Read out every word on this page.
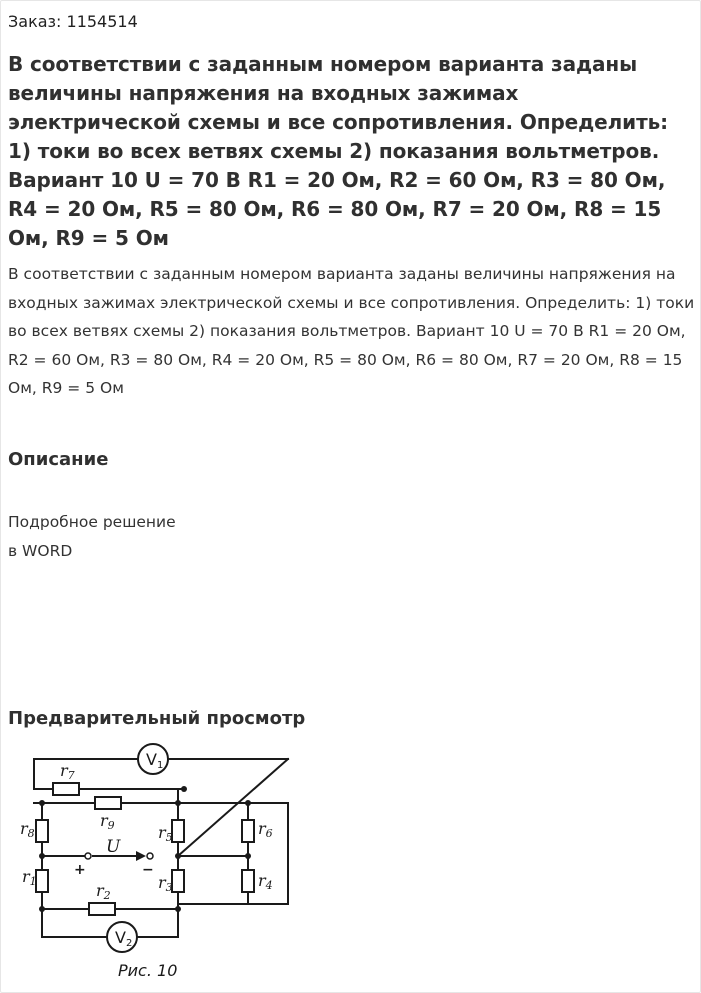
Заказ: 1154514
В соответствии с заданным номером варианта заданы величины напряжения на входных зажимах электрической схемы и все сопротивления. Определить: 1) токи во всех ветвях схемы 2) показания вольтметров. Вариант 10 U = 70 В R1 = 20 Ом, R2 = 60 Ом, R3 = 80 Ом, R4 = 20 Ом, R5 = 80 Ом, R6 = 80 Ом, R7 = 20 Ом, R8 = 15 Ом, R9 = 5 Ом

В соответствии с заданным номером варианта заданы величины напряжения на входных зажимах электрической схемы и все сопротивления. Определить: 1) токи во всех ветвях схемы 2) показания вольтметров. Вариант 10 U = 70 В R1 = 20 Ом, R2 = 60 Ом, R3 = 80 Ом, R4 = 20 Ом, R5 = 80 Ом, R6 = 80 Ом, R7 = 20 Ом, R8 = 15 Ом, R9 = 5 Ом

Описание
Подробное решение
в WORD
Предварительный просмотр
V1
V2
r7
r9
r8	r5	r6
r1	r3	r4
r2
U
+	−
Рис. 10
